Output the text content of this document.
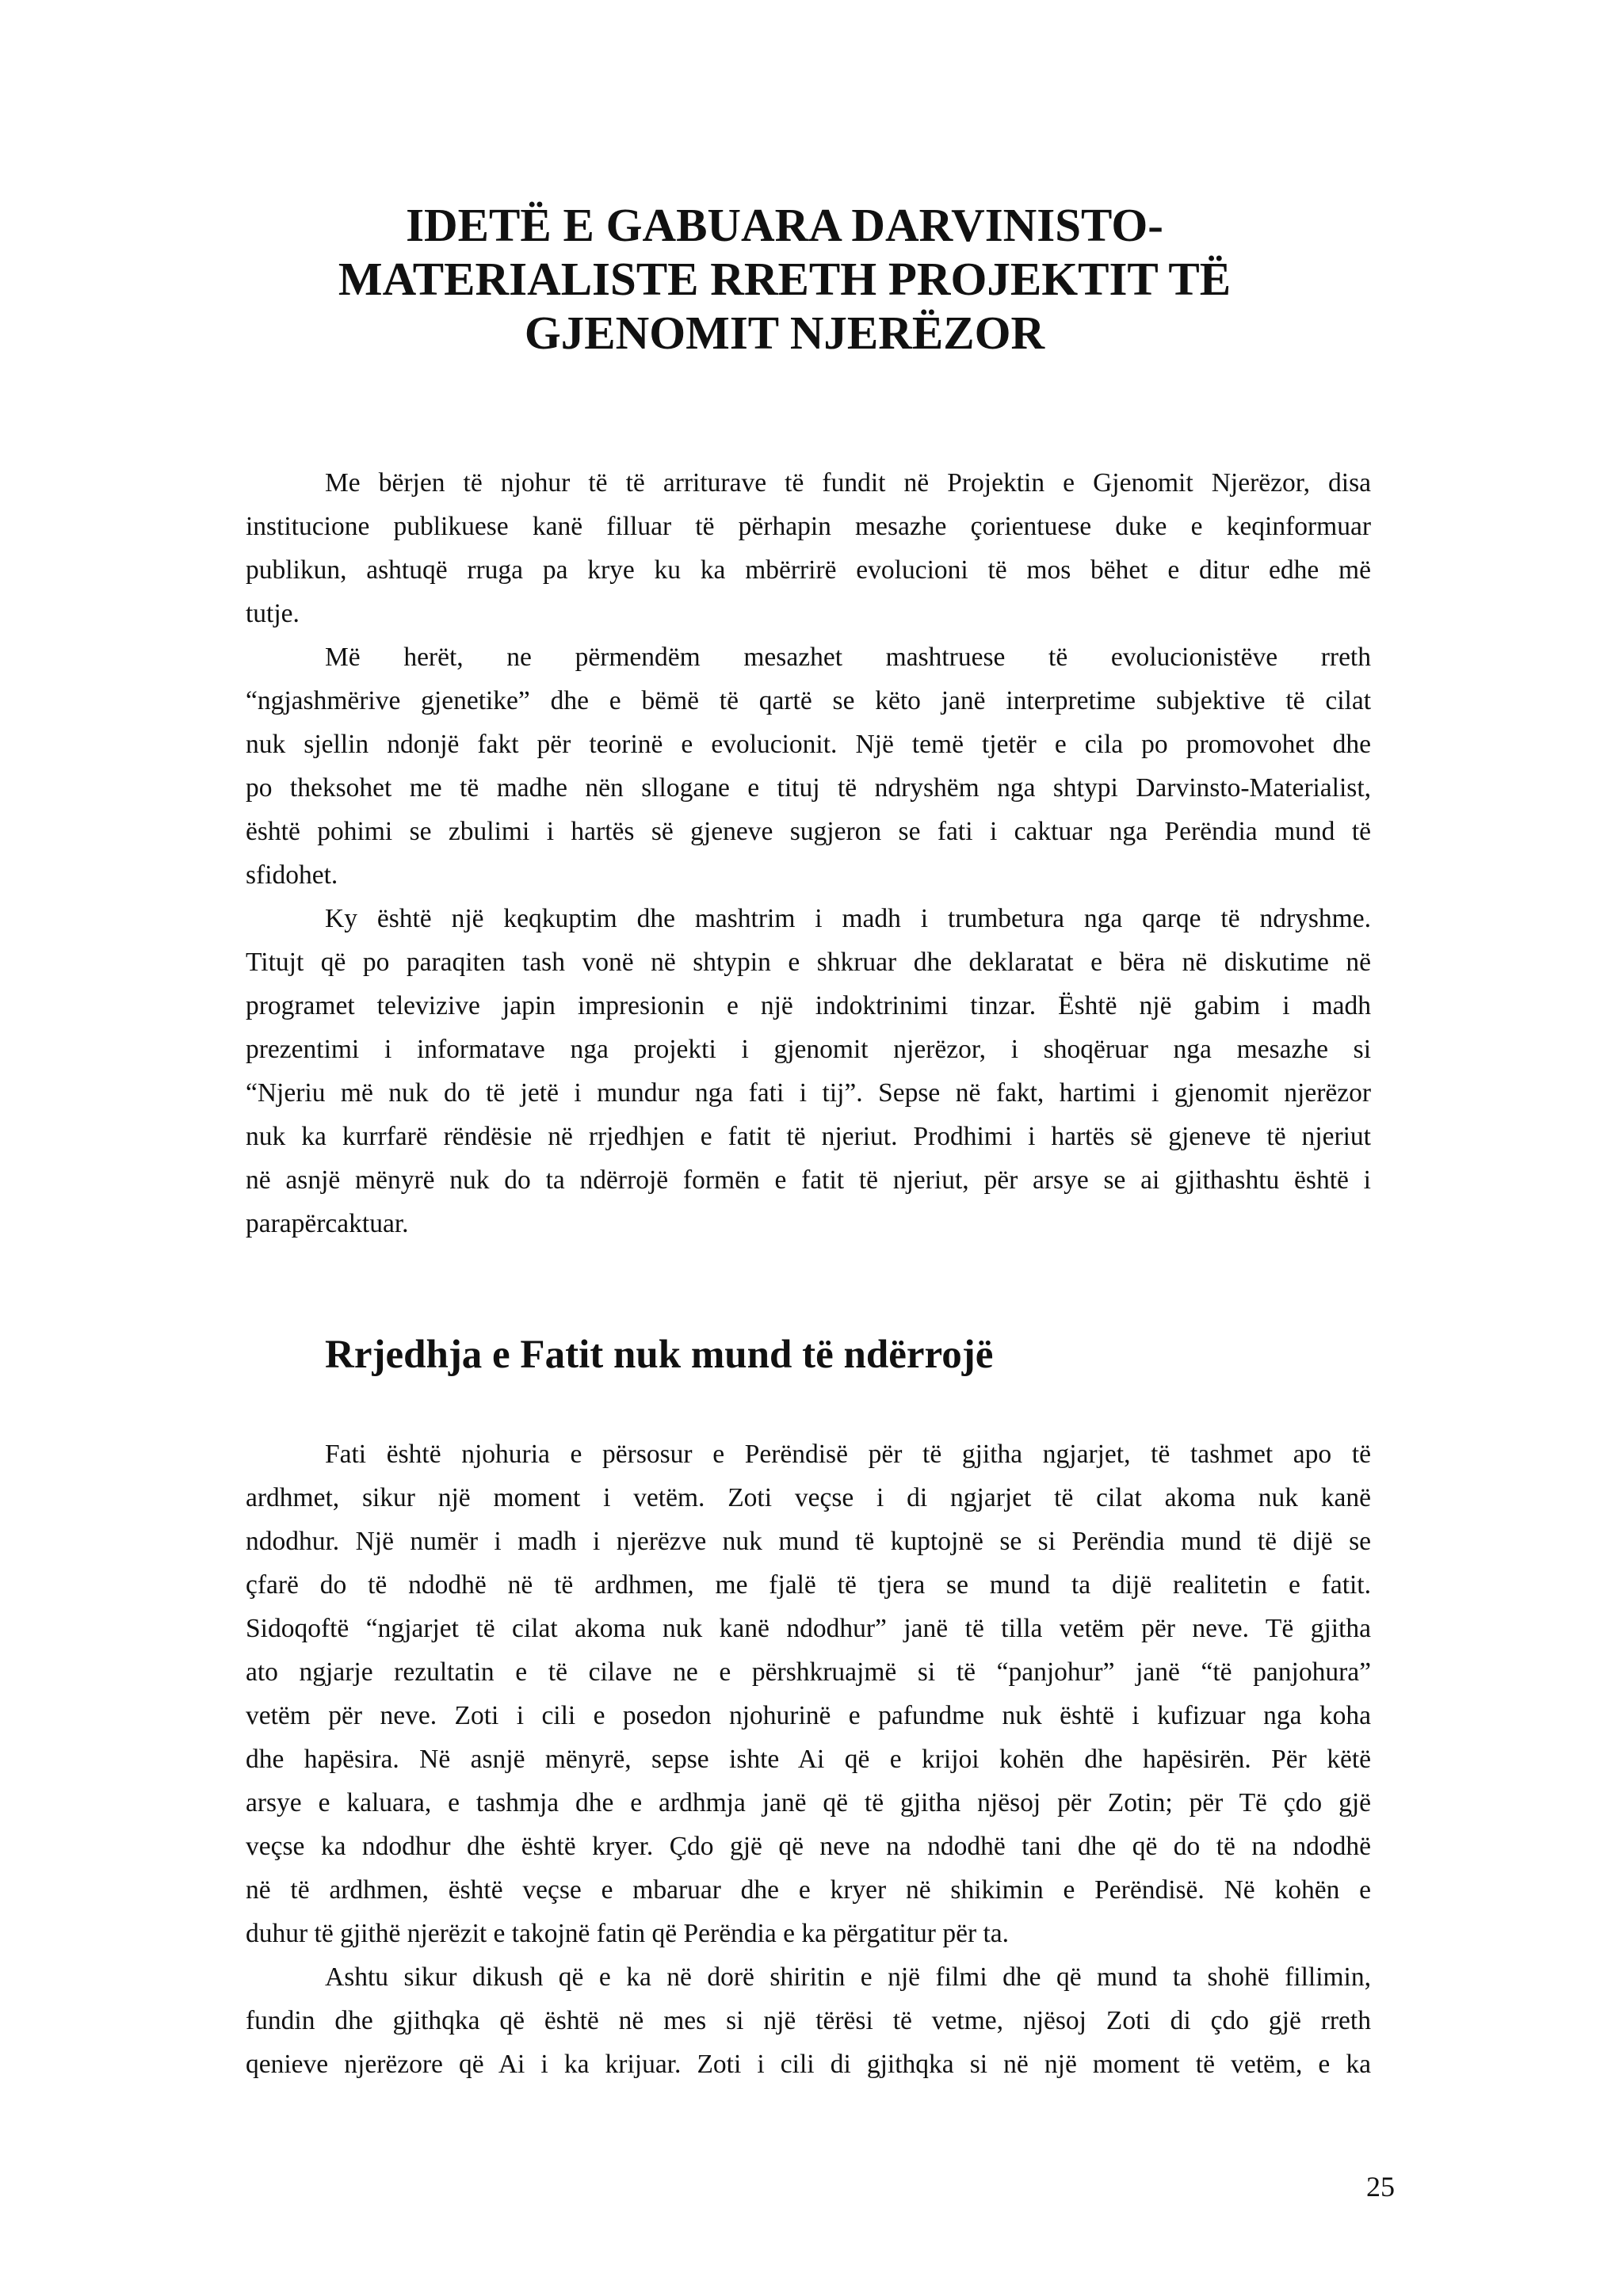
IDETË E GABUARA DARVINISTO-
MATERIALISTE RRETH PROJEKTIT TË
GJENOMIT NJERËZOR

Me bërjen të njohur të të arriturave të fundit në Projektin e Gjenomit Njerëzor, disa
institucione publikuese kanë filluar të përhapin mesazhe çorientuese duke e keqinformuar
publikun, ashtuqë rruga pa krye ku ka mbërrirë evolucioni të mos bëhet e ditur edhe më
tutje.

Më herët, ne përmendëm mesazhet mashtruese të evolucionistëve rreth
“ngjashmërive gjenetike” dhe e bëmë të qartë se këto janë interpretime subjektive të cilat
nuk sjellin ndonjë fakt për teorinë e evolucionit. Një temë tjetër e cila po promovohet dhe
po theksohet me të madhe nën sllogane e tituj të ndryshëm nga shtypi Darvinsto-Materialist,
është pohimi se zbulimi i hartës së gjeneve sugjeron se fati i caktuar nga Perëndia mund të
sfidohet.

Ky është një keqkuptim dhe mashtrim i madh i trumbetura nga qarqe të ndryshme.
Titujt që po paraqiten tash vonë në shtypin e shkruar dhe deklaratat e bëra në diskutime në
programet televizive japin impresionin e një indoktrinimi tinzar. Është një gabim i madh
prezentimi i informatave nga projekti i gjenomit njerëzor, i shoqëruar nga mesazhe si
“Njeriu më nuk do të jetë i mundur nga fati i tij”. Sepse në fakt, hartimi i gjenomit njerëzor
nuk ka kurrfarë rëndësie në rrjedhjen e fatit të njeriut. Prodhimi i hartës së gjeneve të njeriut
në asnjë mënyrë nuk do ta ndërrojë formën e fatit të njeriut, për arsye se ai gjithashtu është i
parapërcaktuar.

Rrjedhja e Fatit nuk mund të ndërrojë

Fati është njohuria e përsosur e Perëndisë për të gjitha ngjarjet, të tashmet apo të
ardhmet, sikur një moment i vetëm. Zoti veçse i di ngjarjet të cilat akoma nuk kanë
ndodhur. Një numër i madh i njerëzve nuk mund të kuptojnë se si Perëndia mund të dijë se
çfarë do të ndodhë në të ardhmen, me fjalë të tjera se mund ta dijë realitetin e fatit.
Sidoqoftë “ngjarjet të cilat akoma nuk kanë ndodhur” janë të tilla vetëm për neve. Të gjitha
ato ngjarje rezultatin e të cilave ne e përshkruajmë si të “panjohur” janë “të panjohura”
vetëm për neve. Zoti i cili e posedon njohurinë e pafundme nuk është i kufizuar nga koha
dhe hapësira. Në asnjë mënyrë, sepse ishte Ai që e krijoi kohën dhe hapësirën. Për këtë
arsye e kaluara, e tashmja dhe e ardhmja janë që të gjitha njësoj për Zotin; për Të çdo gjë
veçse ka ndodhur dhe është kryer. Çdo gjë që neve na ndodhë tani dhe që do të na ndodhë
në të ardhmen, është veçse e mbaruar dhe e kryer në shikimin e Perëndisë. Në kohën e
duhur të gjithë njerëzit e takojnë fatin që Perëndia e ka përgatitur për ta.

Ashtu sikur dikush që e ka në dorë shiritin e një filmi dhe që mund ta shohë fillimin,
fundin dhe gjithqka që është në mes si një tërësi të vetme, njësoj Zoti di çdo gjë rreth
qenieve njerëzore që Ai i ka krijuar. Zoti i cili di gjithqka si në një moment të vetëm, e ka

25
